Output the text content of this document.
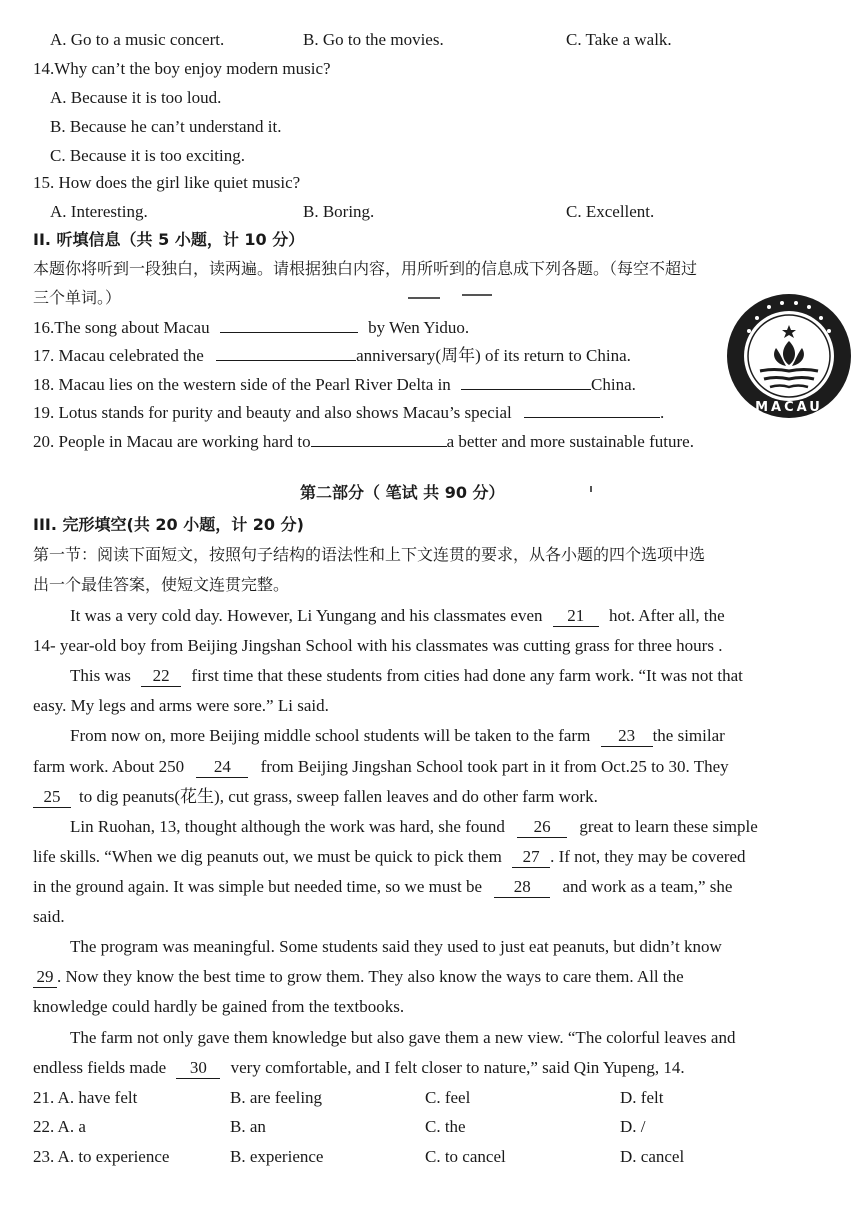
A. Go to a music concert.	B. Go to the movies.	C. Take a walk.
14.Why can’t the boy enjoy modern music?
A. Because it is too loud.
B. Because he can’t understand it.
C. Because it is too exciting.
15. How does the girl like quiet music?
A. Interesting.	B. Boring.	C. Excellent.
II. 听填信息（共 5 小题，计 10 分）
本题你将听到一段独白，读两遍。请根据独白内容，用所听到的信息成下列各题。（每空不超过
三个单词。）
16.The song about Macau	by Wen Yiduo.
17. Macau celebrated the	anniversary(周年) of its return to China.
18. Macau lies on the western side of the Pearl River Delta in	China.
19. Lotus stands for purity and beauty and also shows Macau’s special	.
20. People in Macau are working hard to	a better and more sustainable future.
MACAU
第二部分（ 笔试 共 90 分）
III. 完形填空(共 20 小题，计 20 分)
第一节：阅读下面短文，按照句子结构的语法性和上下文连贯的要求，从各小题的四个选项中选
出一个最佳答案，使短文连贯完整。
It was a very cold day. However, Li Yungang and his classmates even 21 hot. After all, the
14- year-old boy from Beijing Jingshan School with his classmates was cutting grass for three hours .
This was 22 first time that these students from cities had done any farm work. “It was not that
easy. My legs and arms were sore.” Li said.
From now on, more Beijing middle school students will be taken to the farm 23 the similar
farm work. About 250 24 from Beijing Jingshan School took part in it from Oct.25 to 30. They
25 to dig peanuts(花生), cut grass, sweep fallen leaves and do other farm work.
Lin Ruohan, 13, thought although the work was hard, she found 26 great to learn these simple
life skills. “When we dig peanuts out, we must be quick to pick them 27 . If not, they may be covered
in the ground again. It was simple but needed time, so we must be 28 and work as a team,” she
said.
The program was meaningful. Some students said they used to just eat peanuts, but didn’t know
29 . Now they know the best time to grow them. They also know the ways to care them. All the
knowledge could hardly be gained from the textbooks.
The farm not only gave them knowledge but also gave them a new view. “The colorful leaves and
endless fields made 30 very comfortable, and I felt closer to nature,” said Qin Yupeng, 14.
21. A. have felt	B. are feeling	C. feel	D. felt
22. A. a	B. an	C. the	D. /
23. A. to experience	B. experience	C. to cancel	D. cancel
